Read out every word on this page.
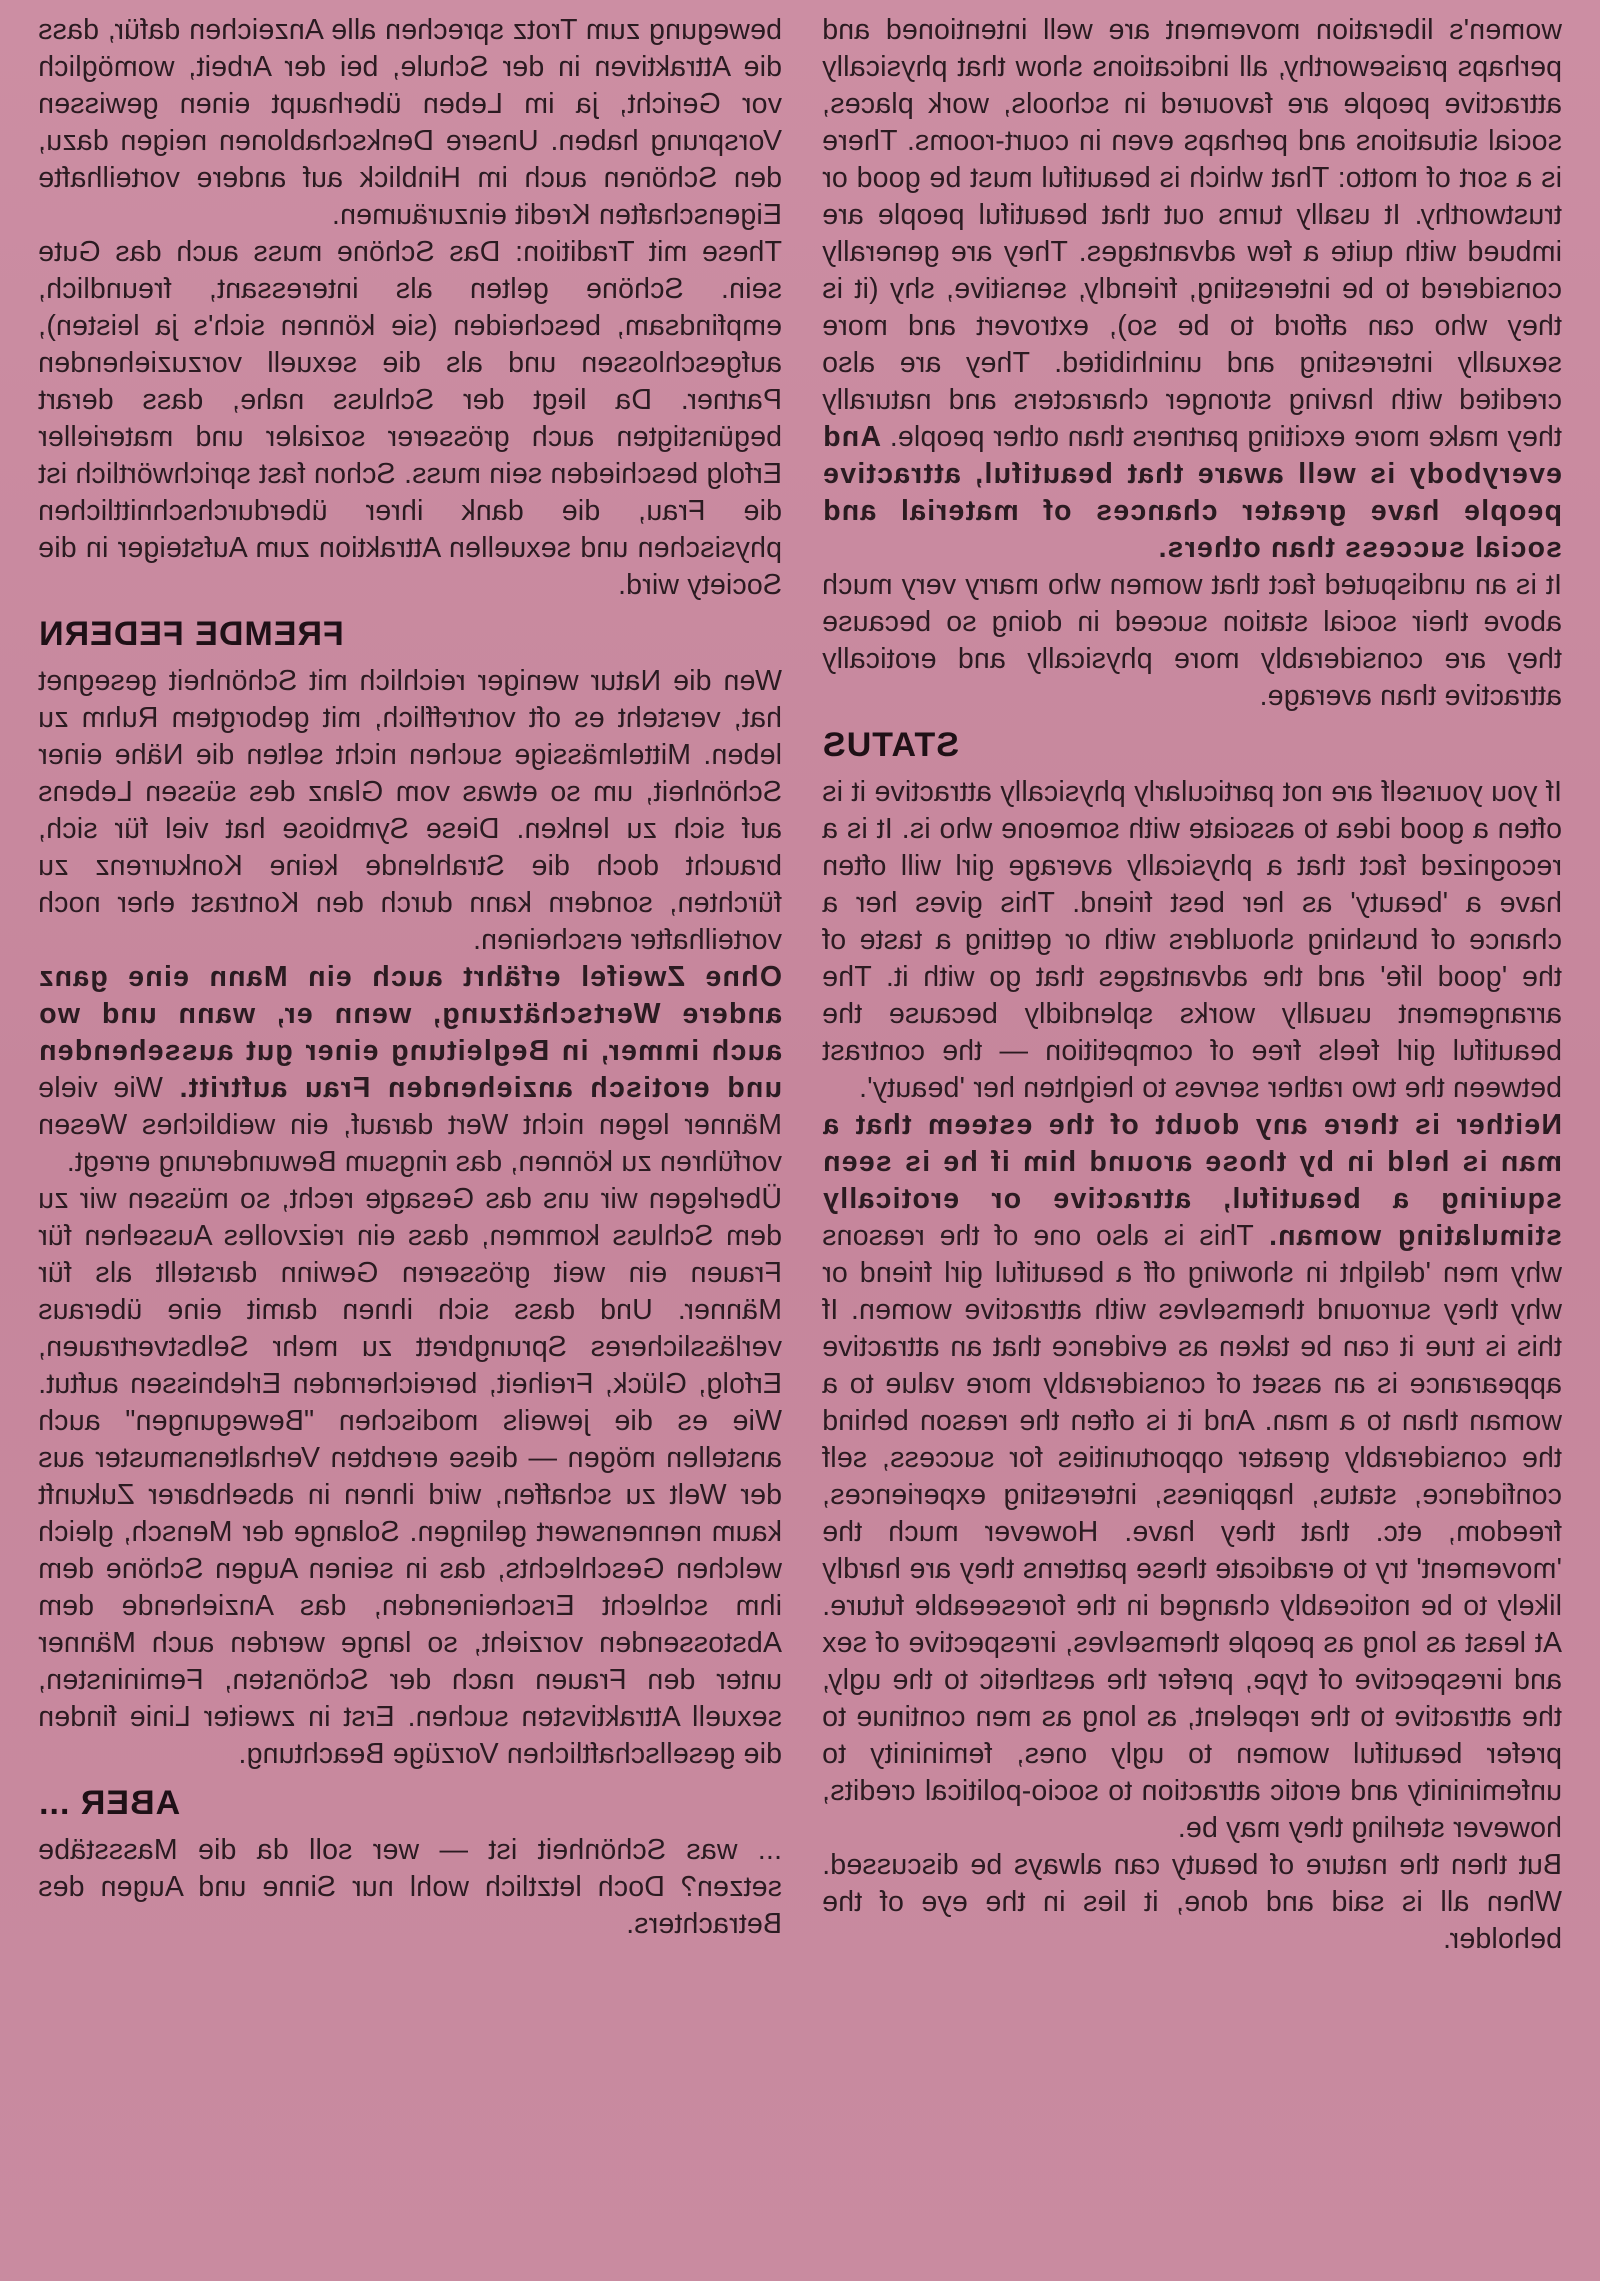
women's liberation movement are well intentioned and perhaps praiseworthy, all indications show that physically attractive people are favoured in schools, work places, social situations and perhaps even in court-rooms. There is a sort of motto: That which is beautiful must be good or trustworthy. It usally turns out that beautiful people are imbued with quite a few advantages. They are generally considered to be interesting, friendly, sensitive, shy (it is they who can afford to be so), extrovert and more sexually interesting and uninhibited. They are also credited with having stronger characters and naturally they make more exciting partners than other people. And everybody is well aware that beautiful, attractive people have greater chances of material and social success than others.

It is an undisputed fact that women who marry very much above their social station suceed in doing so because they are considerably more physically and erotically attractive than average.

STATUS

If you yourself are not particularly physically attractive it is often a good idea to assciate with someone who is. It is a recognized fact that a physically average girl will often have a 'beauty' as her best friend. This gives her a chance of brushing shoulders with or getting a taste of the 'good life' and the advantages that go with it. The arrangement usually works splendidly because the beautiful girl feels free of competition — the contrast between the two rather serves to heighten her 'beauty'.

Neither is there any doubt of the esteem that a man is held in by those around him if he is seen squiring a beautiful, attractive or erotically stimulating woman. This is also one of the reasons why men 'delight in showing off a beautiful girl friend or why they surround themselves with attractive women. If this is true it can be taken as evidence that an attractive appearance is an asset of considerably more value to a woman than to a man. And it is often the reason behind the considerably greater opportunities for success, self confidence, status, happiness, interesting experiences, freedom, etc. that they have. However much the 'movement' try to eradicate these patterns they are hardly likely to be noticeably changed in the foreseeable future. At least as long as people themselves, irrespective of sex and irrespective of type, prefer the aesthetic to the ugly, the attractive to the repelent, as long as men continue to prefer beautiful women to ugly ones, femininity to unfemininity and erotic attraction to socio-political credits, however sterling they may be.

But then the nature of beauty can always be discussed. When all is said and done, it lies in the eye of the beholder.

bewegung zum Trotz sprechen alle Anzeichen dafür, dass die Attraktiven in der Schule, bei der Arbeit, womöglich vor Gericht, ja im Leben überhaupt einen gewissen Vorsprung haben. Unsere Denkschablonen neigen dazu, den Schönen auch im Hinblick auf andere vorteilhafte Eigenschaften Kredit einzuräumen.

These mit Tradition: Das Schöne muss auch das Gute sein. Schöne gelten als interessant, freundlich, empfindsam, bescheiden (sie können sich's ja leisten), aufgeschlossen und als die sexuell vorzuziehenden Partner. Da liegt der Schluss nahe, dass derart begünstigten auch grösserer sozialer und materieller Erfolg beschieden sein muss. Schon fast sprichwörtlich ist die Frau, die dank ihrer überdurchschnittlichen physischen und sexuellen Attraktion zum Aufsteiger in die Society wird.

FREMDE FEDERN

Wen die Natur weniger reichlich mit Schönheit gesegnet hat, versteht es oft vortrefflich, mit geborgtem Ruhm zu leben. Mittelmässige suchen nicht selten die Nähe einer Schönheit, um so etwas vom Glanz des süssen Lebens auf sich zu lenken. Diese Symbiose hat viel für sich, braucht doch die Strahlende keine Konkurrenz zu fürchten, sondern kann durch den Kontrast eher noch vorteilhafter erscheinen.

Ohne Zweifel erfährt auch ein Mann eine ganz andere Wertschätzung, wenn er, wann und wo auch immer, in Begleitung einer gut aussehenden und erotisch anziehenden Frau auftritt. Wie viele Männer legen nicht Wert darauf, ein weibliches Wesen vorführen zu können, das ringsum Bewunderung erregt.

Überlegen wir uns das Gesagte recht, so müssen wir zu dem Schluss kommen, dass ein reizvolles Aussehen für Frauen ein weit grösseren Gewinn darstellt als für Männer. Und dass sich ihnen damit eine überaus verlässlicheres Sprungbrett zu mehr Selbstvertrauen, Erfolg, Glück, Freiheit, bereichernden Erlebnissen auftut. Wie es die jeweils modischen "Bewegungen" auch anstellen mögen — diese ererbten Verhaltensmuster aus der Welt zu schaffen, wird ihnen in absehbarer Zukunft kaum nennenswert gelingen. Solange der Mensch, gleich welchen Geschlechts, das in seinen Augen Schöne dem ihm schlecht Erscheinenden, das Anziehende dem Abstossenden vorzieht, so lange werden auch Männer unter den Frauen nach der Schönsten, Femininsten, sexuell Attraktivsten suchen. Erst in zweiter Linie finden die gesellschaftlichen Vorzüge Beachtung.

ABER ...

... was Schönheit ist — wer soll da die Massstäbe setzen? Doch letztlich wohl nur Sinne und Augen des Betrachters.
